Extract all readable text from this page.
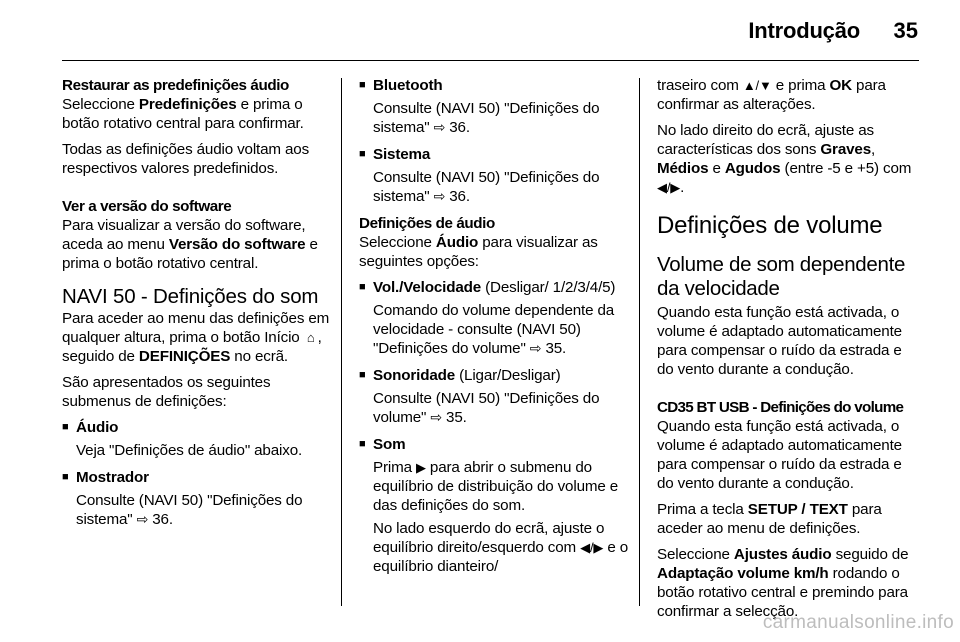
Introdução	35
Restaurar as predefinições áudio

Seleccione Predefinições e prima o botão rotativo central para confirmar.

Todas as definições áudio voltam aos respectivos valores predefinidos.

Ver a versão do software

Para visualizar a versão do software, aceda ao menu Versão do software e prima o botão rotativo central.

NAVI 50 - Definições do som

Para aceder ao menu das definições em qualquer altura, prima o botão Início ⌂ , seguido de DEFINIÇÕES no ecrã.

São apresentados os seguintes submenus de definições:

■ Áudio
Veja "Definições de áudio" abaixo.
■ Mostrador
Consulte (NAVI 50) "Definições do sistema" ⇨ 36.
■ Bluetooth
Consulte (NAVI 50) "Definições do sistema" ⇨ 36.
■ Sistema
Consulte (NAVI 50) "Definições do sistema" ⇨ 36.
Definições de áudio

Seleccione Áudio para visualizar as seguintes opções:

■ Vol./Velocidade (Desligar/ 1/2/3/4/5)
Comando do volume dependente da velocidade - consulte (NAVI 50) "Definições do volume" ⇨ 35.
■ Sonoridade (Ligar/Desligar)
Consulte (NAVI 50) "Definições do volume" ⇨ 35.
■ Som
Prima ▶ para abrir o submenu do equilíbrio de distribuição do volume e das definições do som.
No lado esquerdo do ecrã, ajuste o equilíbrio direito/esquerdo com ◀/▶ e o equilíbrio dianteiro/

traseiro com ▲/▼ e prima OK para confirmar as alterações.

No lado direito do ecrã, ajuste as características dos sons Graves, Médios e Agudos (entre -5 e +5) com ◀/▶.

Definições de volume
Volume de som dependente da velocidade

Quando esta função está activada, o volume é adaptado automaticamente para compensar o ruído da estrada e do vento durante a condução.

CD35 BT USB - Definições do volume

Quando esta função está activada, o volume é adaptado automaticamente para compensar o ruído da estrada e do vento durante a condução.

Prima a tecla SETUP / TEXT para aceder ao menu de definições.

Seleccione Ajustes áudio seguido de Adaptação volume km/h rodando o botão rotativo central e premindo para confirmar a selecção.

carmanualsonline.info
